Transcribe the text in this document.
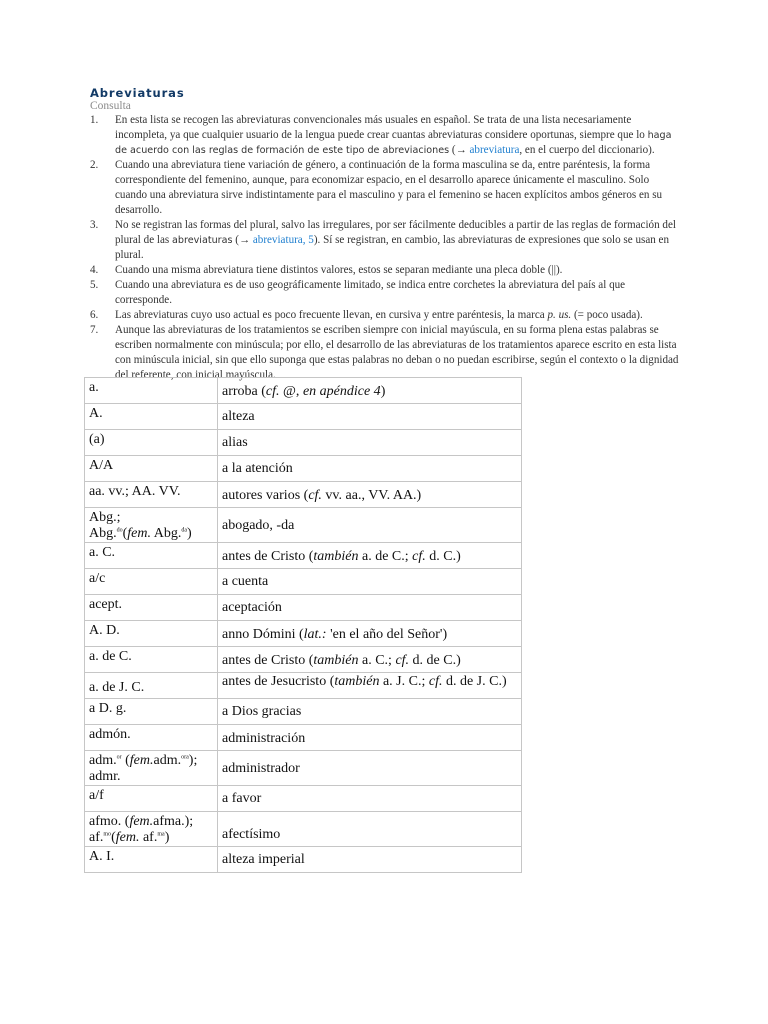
Abreviaturas
Consulta
1. En esta lista se recogen las abreviaturas convencionales más usuales en español. Se trata de una lista necesariamente incompleta, ya que cualquier usuario de la lengua puede crear cuantas abreviaturas considere oportunas, siempre que lo haga de acuerdo con las reglas de formación de este tipo de abreviaciones (→ abreviatura, en el cuerpo del diccionario).
2. Cuando una abreviatura tiene variación de género, a continuación de la forma masculina se da, entre paréntesis, la forma correspondiente del femenino, aunque, para economizar espacio, en el desarrollo aparece únicamente el masculino. Solo cuando una abreviatura sirve indistintamente para el masculino y para el femenino se hacen explícitos ambos géneros en su desarrollo.
3. No se registran las formas del plural, salvo las irregulares, por ser fácilmente deducibles a partir de las reglas de formación del plural de las abreviaturas (→ abreviatura, 5). Sí se registran, en cambio, las abreviaturas de expresiones que solo se usan en plural.
4. Cuando una misma abreviatura tiene distintos valores, estos se separan mediante una pleca doble (||).
5. Cuando una abreviatura es de uso geográficamente limitado, se indica entre corchetes la abreviatura del país al que corresponde.
6. Las abreviaturas cuyo uso actual es poco frecuente llevan, en cursiva y entre paréntesis, la marca p. us. (= poco usada).
7. Aunque las abreviaturas de los tratamientos se escriben siempre con inicial mayúscula, en su forma plena estas palabras se escriben normalmente con minúscula; por ello, el desarrollo de las abreviaturas de los tratamientos aparece escrito en esta lista con minúscula inicial, sin que ello suponga que estas palabras no deban o no puedan escribirse, según el contexto o la dignidad del referente, con inicial mayúscula.
a.	arroba (cf. @, en apéndice 4)
A.	alteza
(a)	alias
A/A	a la atención
aa. vv.; AA. VV.	autores varios (cf. vv. aa., VV. AA.)
Abg.;
Abg.$^{do}$(fem. Abg.$^{da}$)	abogado, -da
a. C.	antes de Cristo (también a. de C.; cf. d. C.)
a/c	a cuenta
acept.	aceptación
A. D.	anno Dómini (lat.: 'en el año del Señor')
a. de C.	antes de Cristo (también a. C.; cf. d. de C.)
a. de J. C.	antes de Jesucristo (también a. J. C.; cf. d. de J. C.)
a D. g.	a Dios gracias
admón.	administración
adm.$^{or}$ (fem.adm.$^{ora}$);
admr.	administrador
a/f	a favor
afmo. (fem.afma.);
af.$^{mo}$(fem. af.$^{ma}$)	afectísimo
A. I.	alteza imperial
